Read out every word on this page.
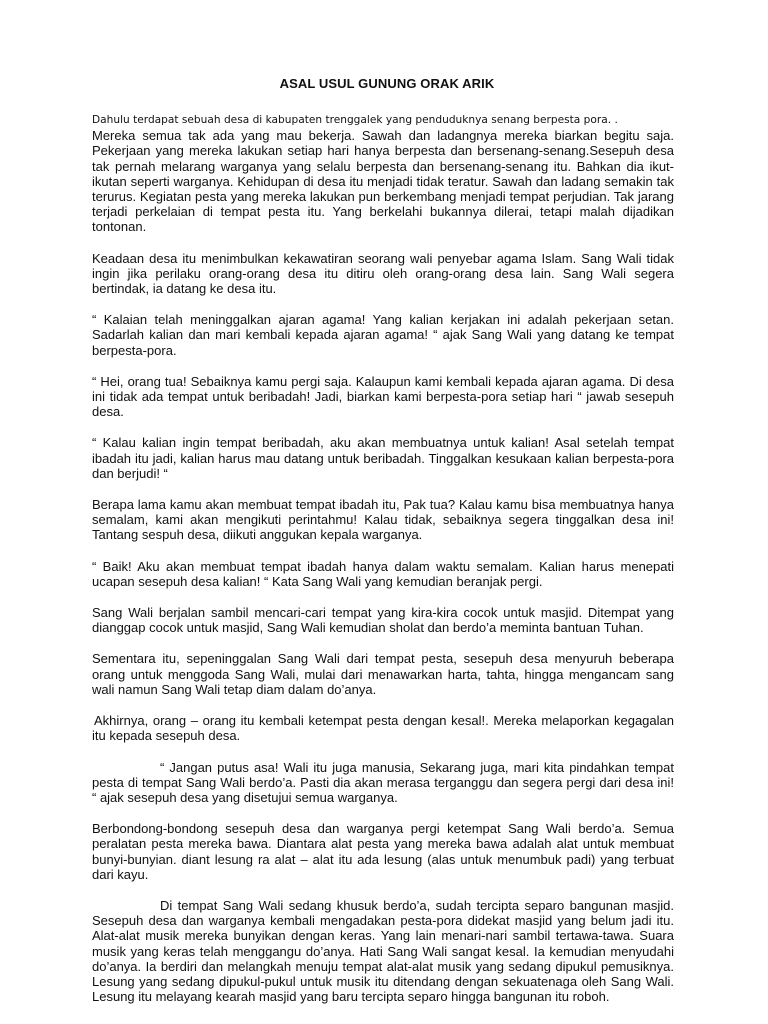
ASAL USUL GUNUNG ORAK ARIK

Dahulu terdapat sebuah desa di kabupaten trenggalek yang penduduknya senang berpesta pora. .

Mereka semua tak ada yang mau bekerja. Sawah dan ladangnya mereka biarkan begitu saja. Pekerjaan yang mereka lakukan setiap hari hanya berpesta dan bersenang-senang.Sesepuh desa tak pernah melarang warganya yang selalu berpesta dan bersenang-senang itu. Bahkan dia ikut-ikutan seperti warganya. Kehidupan di desa itu menjadi tidak teratur. Sawah dan ladang semakin tak terurus. Kegiatan pesta yang mereka lakukan pun berkembang menjadi tempat perjudian. Tak jarang terjadi perkelaian di tempat pesta itu. Yang berkelahi bukannya dilerai, tetapi malah dijadikan tontonan.

Keadaan desa itu menimbulkan kekawatiran seorang wali penyebar agama Islam. Sang Wali tidak ingin jika perilaku orang-orang desa itu ditiru oleh orang-orang desa lain. Sang Wali segera bertindak, ia datang ke desa itu.

“ Kalaian telah meninggalkan ajaran agama! Yang kalian kerjakan ini adalah pekerjaan setan. Sadarlah kalian dan mari kembali kepada ajaran agama! “ ajak Sang Wali yang datang ke tempat berpesta-pora.

“ Hei, orang tua! Sebaiknya kamu pergi saja. Kalaupun kami kembali kepada ajaran agama. Di desa ini tidak ada tempat untuk beribadah! Jadi, biarkan kami berpesta-pora setiap hari “ jawab sesepuh desa.

“ Kalau kalian ingin tempat beribadah, aku akan membuatnya untuk kalian! Asal setelah tempat ibadah itu jadi, kalian harus mau datang untuk beribadah. Tinggalkan kesukaan kalian berpesta-pora dan berjudi! “

Berapa lama kamu akan membuat tempat ibadah itu, Pak tua? Kalau kamu bisa membuatnya hanya semalam, kami akan mengikuti perintahmu! Kalau tidak, sebaiknya segera tinggalkan desa ini! Tantang sespuh desa, diikuti anggukan kepala warganya.

“ Baik! Aku akan membuat tempat ibadah hanya dalam waktu semalam. Kalian harus menepati ucapan sesepuh desa kalian! “ Kata Sang Wali yang kemudian beranjak pergi.

Sang Wali berjalan sambil mencari-cari tempat yang kira-kira cocok untuk masjid. Ditempat yang dianggap cocok untuk masjid, Sang Wali kemudian sholat dan berdo’a meminta bantuan Tuhan.

Sementara itu, sepeninggalan Sang Wali dari tempat pesta, sesepuh desa menyuruh beberapa orang untuk menggoda Sang Wali, mulai dari menawarkan harta, tahta, hingga mengancam sang wali namun Sang Wali tetap diam dalam do’anya.

Akhirnya, orang – orang itu kembali ketempat pesta dengan kesal!. Mereka melaporkan kegagalan itu kepada sesepuh desa.

“ Jangan putus asa! Wali itu juga manusia, Sekarang juga, mari kita pindahkan tempat pesta di tempat Sang Wali berdo’a. Pasti dia akan merasa terganggu dan segera pergi dari desa ini! “ ajak sesepuh desa yang disetujui semua warganya.

Berbondong-bondong sesepuh desa dan warganya pergi ketempat Sang Wali berdo’a. Semua peralatan pesta mereka bawa. Diantara alat pesta yang mereka bawa adalah alat untuk membuat bunyi-bunyian. diant lesung ra alat – alat itu ada lesung (alas untuk menumbuk padi) yang terbuat dari kayu.

Di tempat Sang Wali sedang khusuk berdo’a, sudah tercipta separo bangunan masjid. Sesepuh desa dan warganya kembali mengadakan pesta-pora didekat masjid yang belum jadi itu. Alat-alat musik mereka bunyikan dengan keras. Yang lain menari-nari sambil tertawa-tawa. Suara musik yang keras telah menggangu do’anya. Hati Sang Wali sangat kesal. Ia kemudian menyudahi do’anya. Ia berdiri dan melangkah menuju tempat alat-alat musik yang sedang dipukul pemusiknya. Lesung yang sedang dipukul-pukul untuk musik itu ditendang dengan sekuatenaga oleh Sang Wali. Lesung itu melayang kearah masjid yang baru tercipta separo hingga bangunan itu roboh.
